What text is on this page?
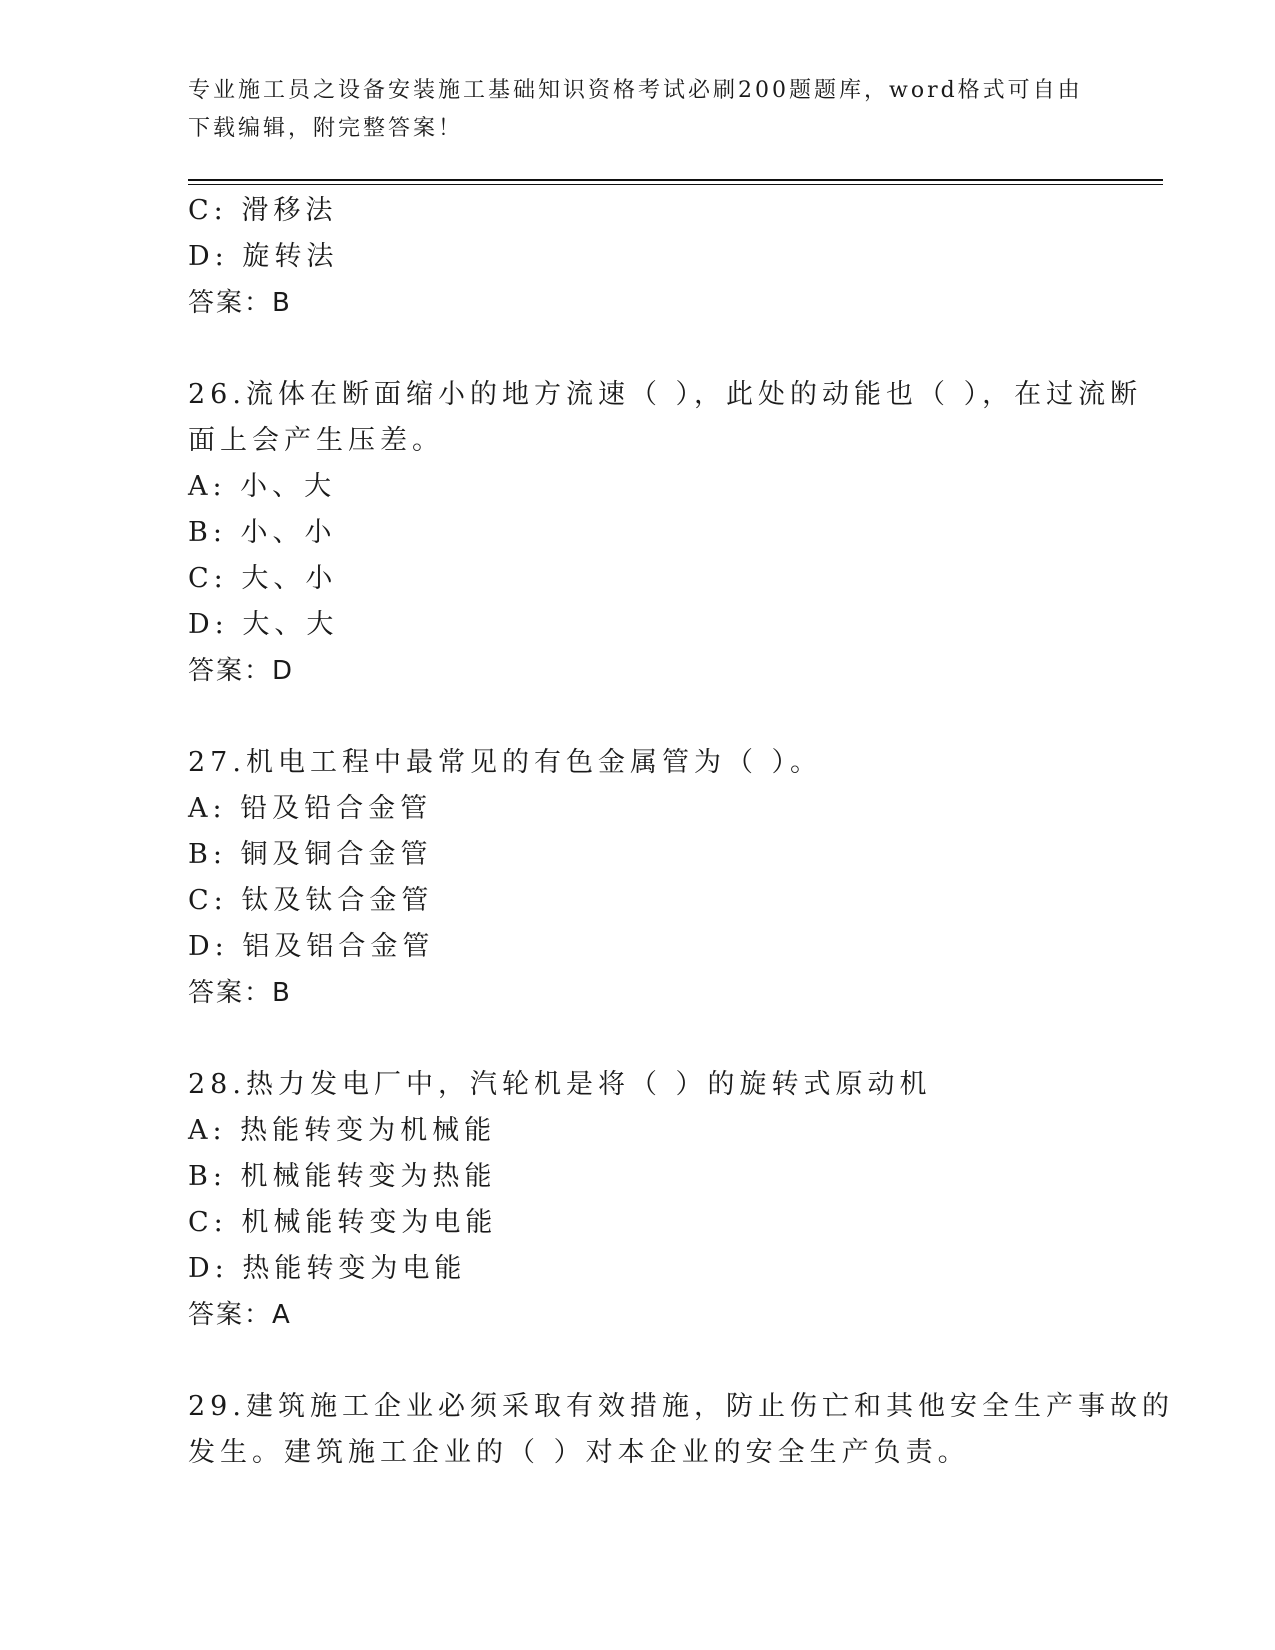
专业施工员之设备安装施工基础知识资格考试必刷200题题库，word格式可自由
下载编辑，附完整答案！
C: 滑移法
D: 旋转法
答案：B
26.流体在断面缩小的地方流速（ ），此处的动能也（ ），在过流断
面上会产生压差。
A: 小、大
B: 小、小
C: 大、小
D: 大、大
答案：D
27.机电工程中最常见的有色金属管为（ ）。
A: 铅及铅合金管
B: 铜及铜合金管
C: 钛及钛合金管
D: 铝及铝合金管
答案：B
28.热力发电厂中，汽轮机是将（ ）的旋转式原动机
A: 热能转变为机械能
B: 机械能转变为热能
C: 机械能转变为电能
D: 热能转变为电能
答案：A
29.建筑施工企业必须采取有效措施，防止伤亡和其他安全生产事故的
发生。建筑施工企业的（ ）对本企业的安全生产负责。
